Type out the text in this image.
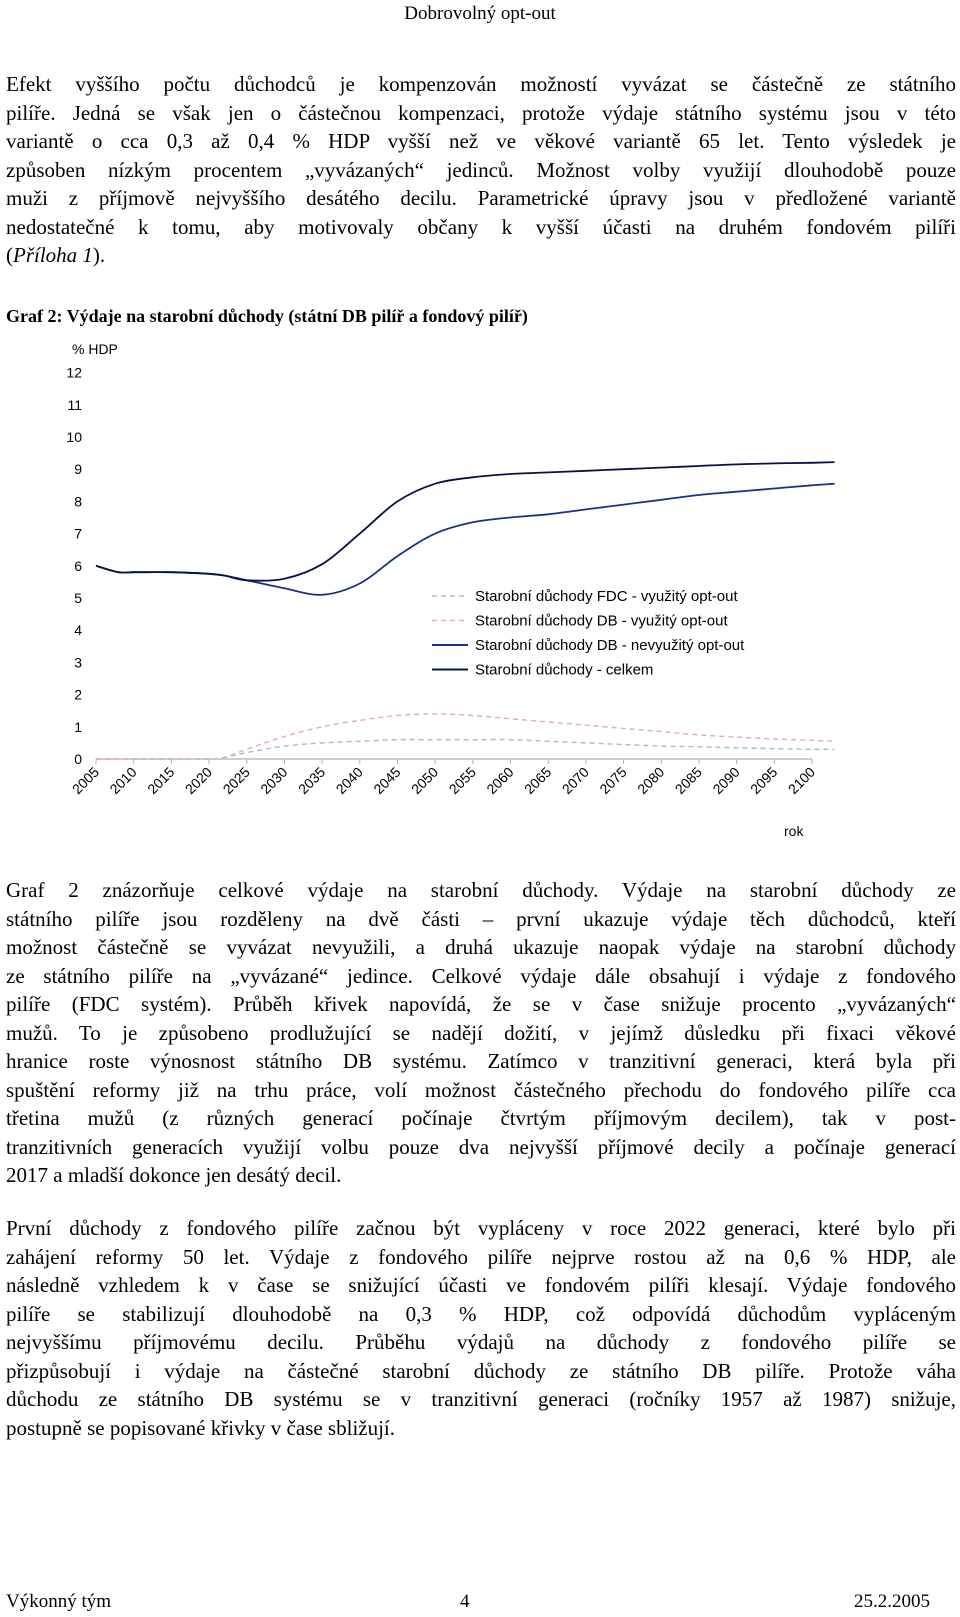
Dobrovolný opt-out

Efekt vyššího počtu důchodců je kompenzován možností vyvázat se částečně ze státního
pilíře. Jedná se však jen o částečnou kompenzaci, protože výdaje státního systému jsou v této
variantě o cca 0,3 až 0,4 % HDP vyšší než ve věkové variantě 65 let. Tento výsledek je
způsoben nízkým procentem „vyvázaných“ jedinců. Možnost volby využijí dlouhodobě pouze
muži z příjmově nejvyššího desátého decilu. Parametrické úpravy jsou v předložené variantě
nedostatečné k tomu, aby motivovaly občany k vyšší účasti na druhém fondovém pilíři
(Příloha 1).

Graf 2: Výdaje na starobní důchody (státní DB pilíř a fondový pilíř)
0
1
2
3
4
5
6
7
8
9
10
11
12
2005 2010 2015 2020 2025 2030 2035 2040 2045 2050 2055 2060 2065 2070 2075 2080 2085 2090 2095 2100
Starobní důchody FDC - využitý opt-out
Starobní důchody DB - využitý opt-out
Starobní důchody DB - nevyužitý opt-out
Starobní důchody - celkem
% HDP
rok

Graf 2 znázorňuje celkové výdaje na starobní důchody. Výdaje na starobní důchody ze
státního pilíře jsou rozděleny na dvě části – první ukazuje výdaje těch důchodců, kteří
možnost částečně se vyvázat nevyužili, a druhá ukazuje naopak výdaje na starobní důchody
ze státního pilíře na „vyvázané“ jedince. Celkové výdaje dále obsahují i výdaje z fondového
pilíře (FDC systém). Průběh křivek napovídá, že se v čase snižuje procento „vyvázaných“
mužů. To je způsobeno prodlužující se nadějí dožití, v jejímž důsledku při fixaci věkové
hranice roste výnosnost státního DB systému. Zatímco v tranzitivní generaci, která byla při
spuštění reformy již na trhu práce, volí možnost částečného přechodu do fondového pilíře cca
třetina mužů (z různých generací počínaje čtvrtým příjmovým decilem), tak v post-
tranzitivních generacích využijí volbu pouze dva nejvyšší příjmové decily a počínaje generací
2017 a mladší dokonce jen desátý decil.

První důchody z fondového pilíře začnou být vypláceny v roce 2022 generaci, které bylo při
zahájení reformy 50 let. Výdaje z fondového pilíře nejprve rostou až na 0,6 % HDP, ale
následně vzhledem k v čase se snižující účasti ve fondovém pilíři klesají. Výdaje fondového
pilíře se stabilizují dlouhodobě na 0,3 % HDP, což odpovídá důchodům vypláceným
nejvyššímu příjmovému decilu. Průběhu výdajů na důchody z fondového pilíře se
přizpůsobují i výdaje na částečné starobní důchody ze státního DB pilíře. Protože váha
důchodu ze státního DB systému se v tranzitivní generaci (ročníky 1957 až 1987) snižuje,
postupně se popisované křivky v čase sbližují.

Výkonný tým	4	25.2.2005
